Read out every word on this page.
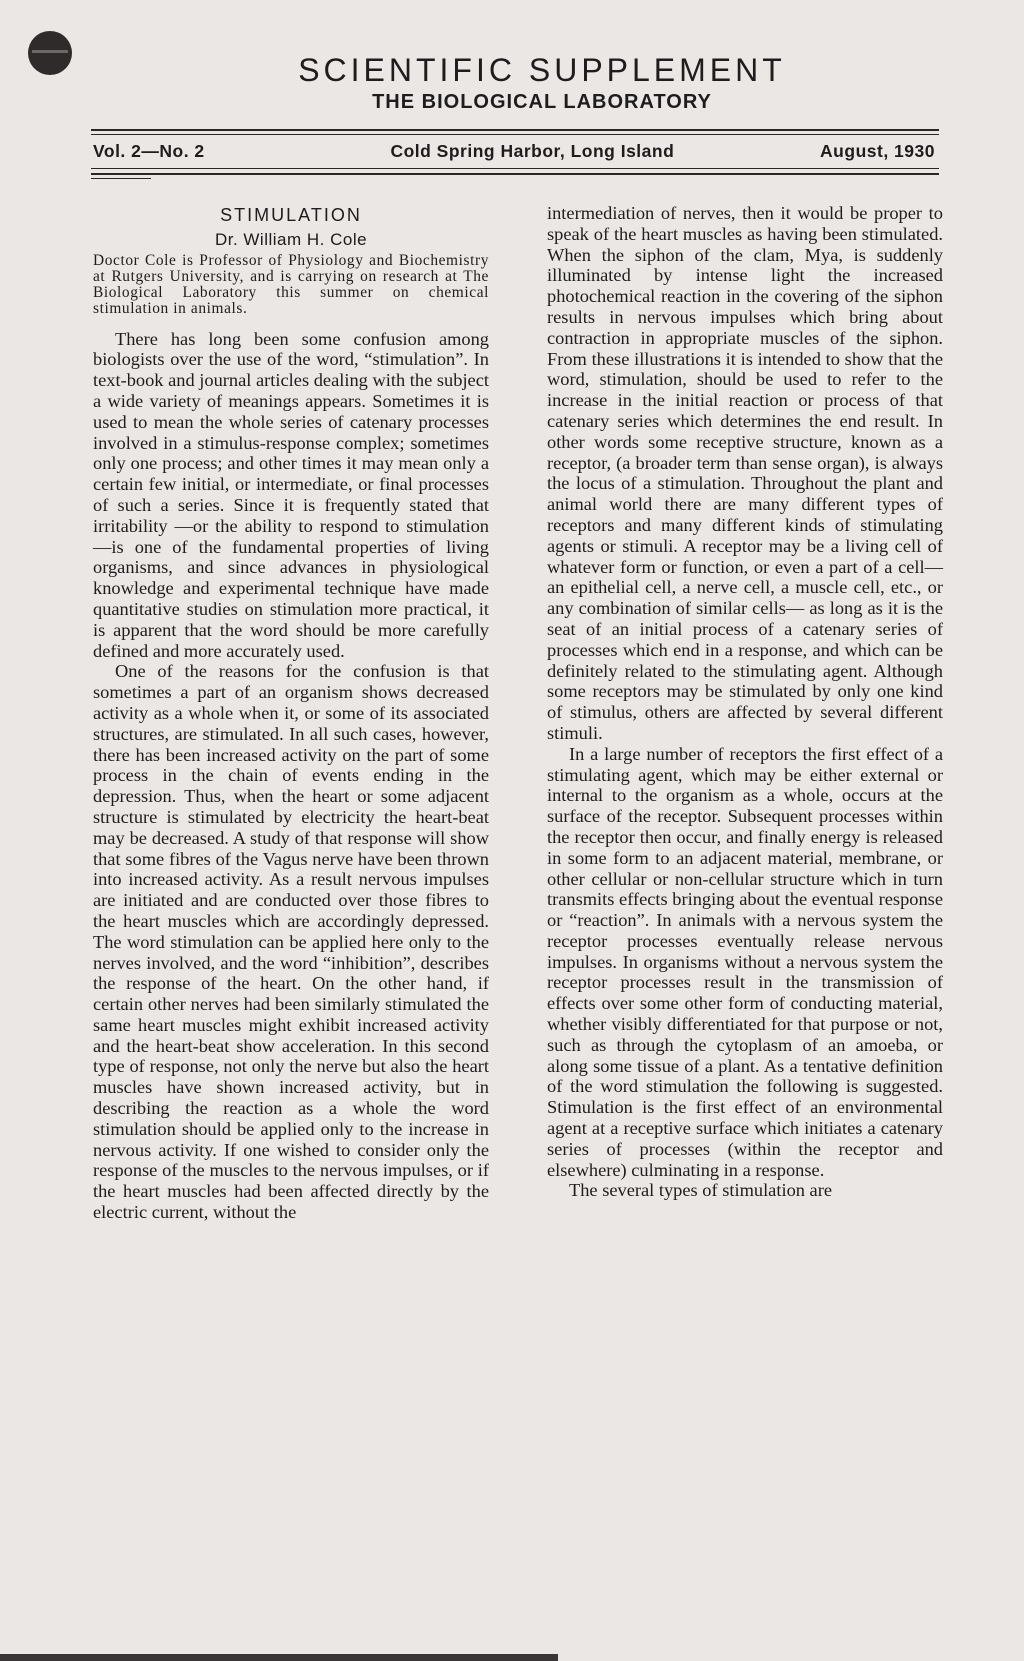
SCIENTIFIC SUPPLEMENT
THE BIOLOGICAL LABORATORY
Vol. 2—No. 2	Cold Spring Harbor, Long Island	August, 1930
STIMULATION
Dr. William H. Cole
Doctor Cole is Professor of Physiology and Biochemistry at Rutgers University, and is carrying on research at The Biological Laboratory this summer on chemical stimulation in animals.

There has long been some confusion among biologists over the use of the word, “stimulation”. In text-book and journal articles dealing with the subject a wide variety of meanings appears. Sometimes it is used to mean the whole series of catenary processes involved in a stimulus-response complex; sometimes only one process; and other times it may mean only a certain few initial, or intermediate, or final processes of such a series. Since it is frequently stated that irritability —or the ability to respond to stimulation—is one of the fundamental properties of living organisms, and since advances in physiological knowledge and experimental technique have made quantitative studies on stimulation more practical, it is apparent that the word should be more carefully defined and more accurately used.

One of the reasons for the confusion is that sometimes a part of an organism shows decreased activity as a whole when it, or some of its associated structures, are stimulated. In all such cases, however, there has been increased activity on the part of some process in the chain of events ending in the depression. Thus, when the heart or some adjacent structure is stimulated by electricity the heart-beat may be decreased. A study of that response will show that some fibres of the Vagus nerve have been thrown into increased activity. As a result nervous impulses are initiated and are conducted over those fibres to the heart muscles which are accordingly depressed. The word stimulation can be applied here only to the nerves involved, and the word “inhibition”, describes the response of the heart. On the other hand, if certain other nerves had been similarly stimulated the same heart muscles might exhibit increased activity and the heart-beat show acceleration. In this second type of response, not only the nerve but also the heart muscles have shown increased activity, but in describing the reaction as a whole the word stimulation should be applied only to the increase in nervous activity. If one wished to consider only the response of the muscles to the nervous impulses, or if the heart muscles had been affected directly by the electric current, without the

intermediation of nerves, then it would be proper to speak of the heart muscles as having been stimulated. When the siphon of the clam, Mya, is suddenly illuminated by intense light the increased photochemical reaction in the covering of the siphon results in nervous impulses which bring about contraction in appropriate muscles of the siphon. From these illustrations it is intended to show that the word, stimulation, should be used to refer to the increase in the initial reaction or process of that catenary series which determines the end result. In other words some receptive structure, known as a receptor, (a broader term than sense organ), is always the locus of a stimulation. Throughout the plant and animal world there are many different types of receptors and many different kinds of stimulating agents or stimuli. A receptor may be a living cell of whatever form or function, or even a part of a cell—an epithelial cell, a nerve cell, a muscle cell, etc., or any combination of similar cells— as long as it is the seat of an initial process of a catenary series of processes which end in a response, and which can be definitely related to the stimulating agent. Although some receptors may be stimulated by only one kind of stimulus, others are affected by several different stimuli.

In a large number of receptors the first effect of a stimulating agent, which may be either external or internal to the organism as a whole, occurs at the surface of the receptor. Subsequent processes within the receptor then occur, and finally energy is released in some form to an adjacent material, membrane, or other cellular or non-cellular structure which in turn transmits effects bringing about the eventual response or “reaction”. In animals with a nervous system the receptor processes eventually release nervous impulses. In organisms without a nervous system the receptor processes result in the transmission of effects over some other form of conducting material, whether visibly differentiated for that purpose or not, such as through the cytoplasm of an amoeba, or along some tissue of a plant. As a tentative definition of the word stimulation the following is suggested. Stimulation is the first effect of an environmental agent at a receptive surface which initiates a catenary series of processes (within the receptor and elsewhere) culminating in a response.

The several types of stimulation are
